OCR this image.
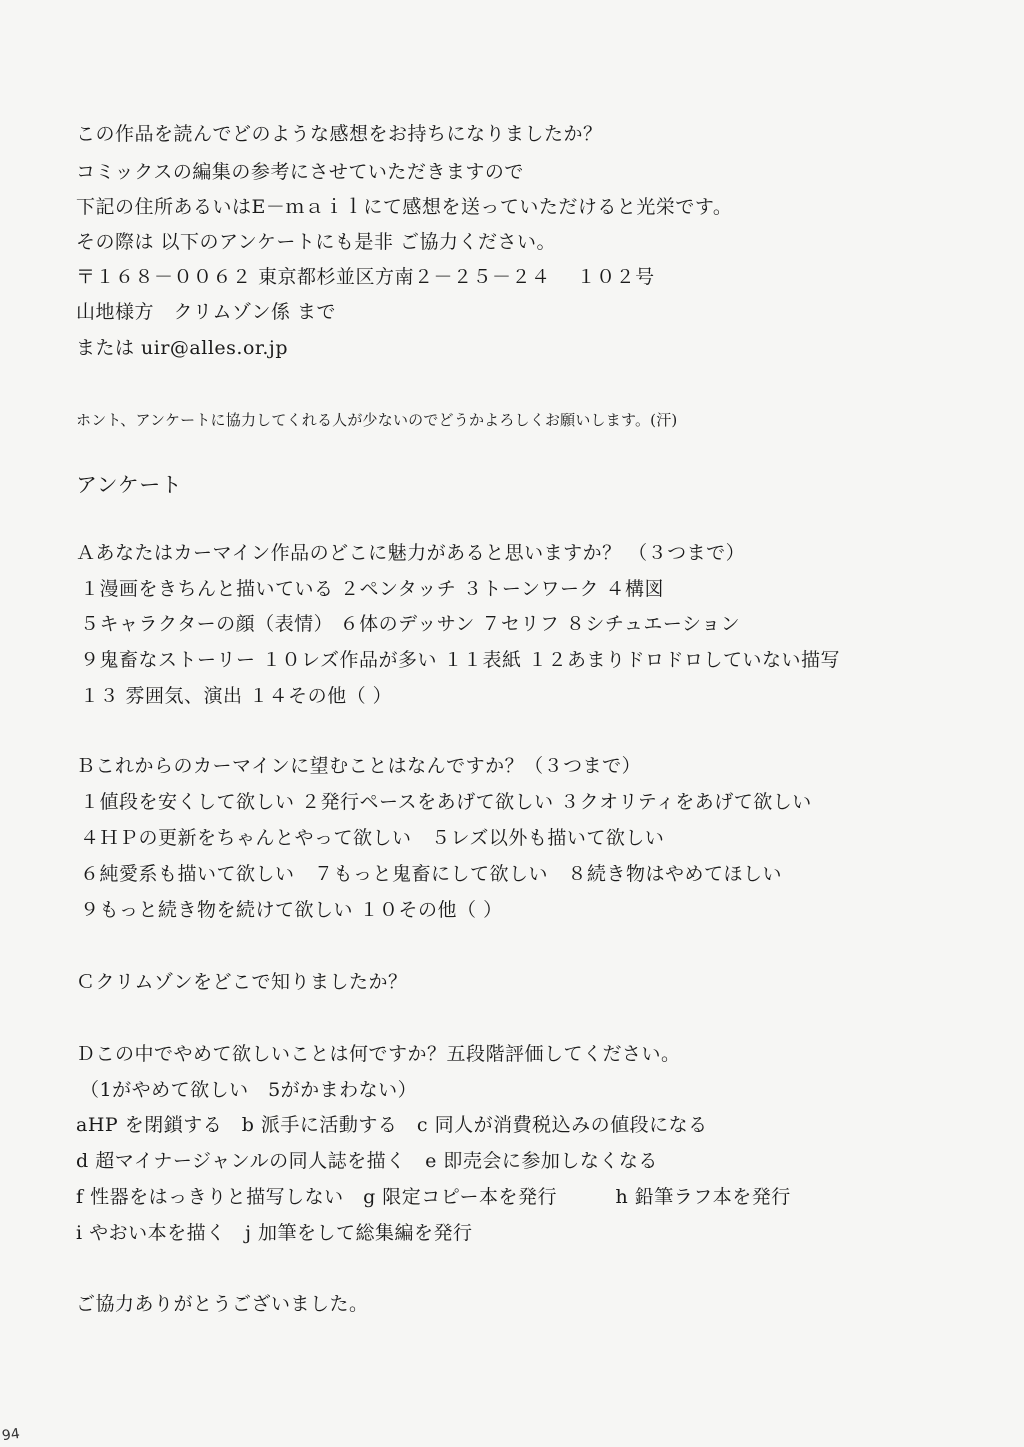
この作品を読んでどのような感想をお持ちになりましたか？
コミックスの編集の参考にさせていただきますので
下記の住所あるいはE－ｍａｉｌにて感想を送っていただけると光栄です。
その際は 以下のアンケートにも是非 ご協力ください。
〒１６８－００６２ 東京都杉並区方南２－２５－２４　 １０２号
山地様方　クリムゾン係 まで
または uir@alles.or.jp
ホント、アンケートに協力してくれる人が少ないのでどうかよろしくお願いします。(汗)
アンケート
Ａあなたはカーマイン作品のどこに魅力があると思いますか？ （３つまで）
１漫画をきちんと描いている ２ペンタッチ ３トーンワーク ４構図
５キャラクターの顔（表情） ６体のデッサン ７セリフ ８シチュエーション
９鬼畜なストーリー １０レズ作品が多い １１表紙 １２あまりドロドロしていない描写
１３ 雰囲気、演出 １４その他（ ）
Ｂこれからのカーマインに望むことはなんですか？（３つまで）
１値段を安くして欲しい ２発行ペースをあげて欲しい ３クオリティをあげて欲しい
４ＨＰの更新をちゃんとやって欲しい　５レズ以外も描いて欲しい
６純愛系も描いて欲しい　７もっと鬼畜にして欲しい　８続き物はやめてほしい
９もっと続き物を続けて欲しい １０その他（ ）
Ｃクリムゾンをどこで知りましたか？
Ｄこの中でやめて欲しいことは何ですか？五段階評価してください。
（1がやめて欲しい　5がかまわない）
aHP を閉鎖する　b 派手に活動する　c 同人が消費税込みの値段になる
d 超マイナージャンルの同人誌を描く　e 即売会に参加しなくなる
f 性器をはっきりと描写しない　g 限定コピー本を発行　　　h 鉛筆ラフ本を発行
i やおい本を描く　j 加筆をして総集編を発行
ご協力ありがとうございました。
94
